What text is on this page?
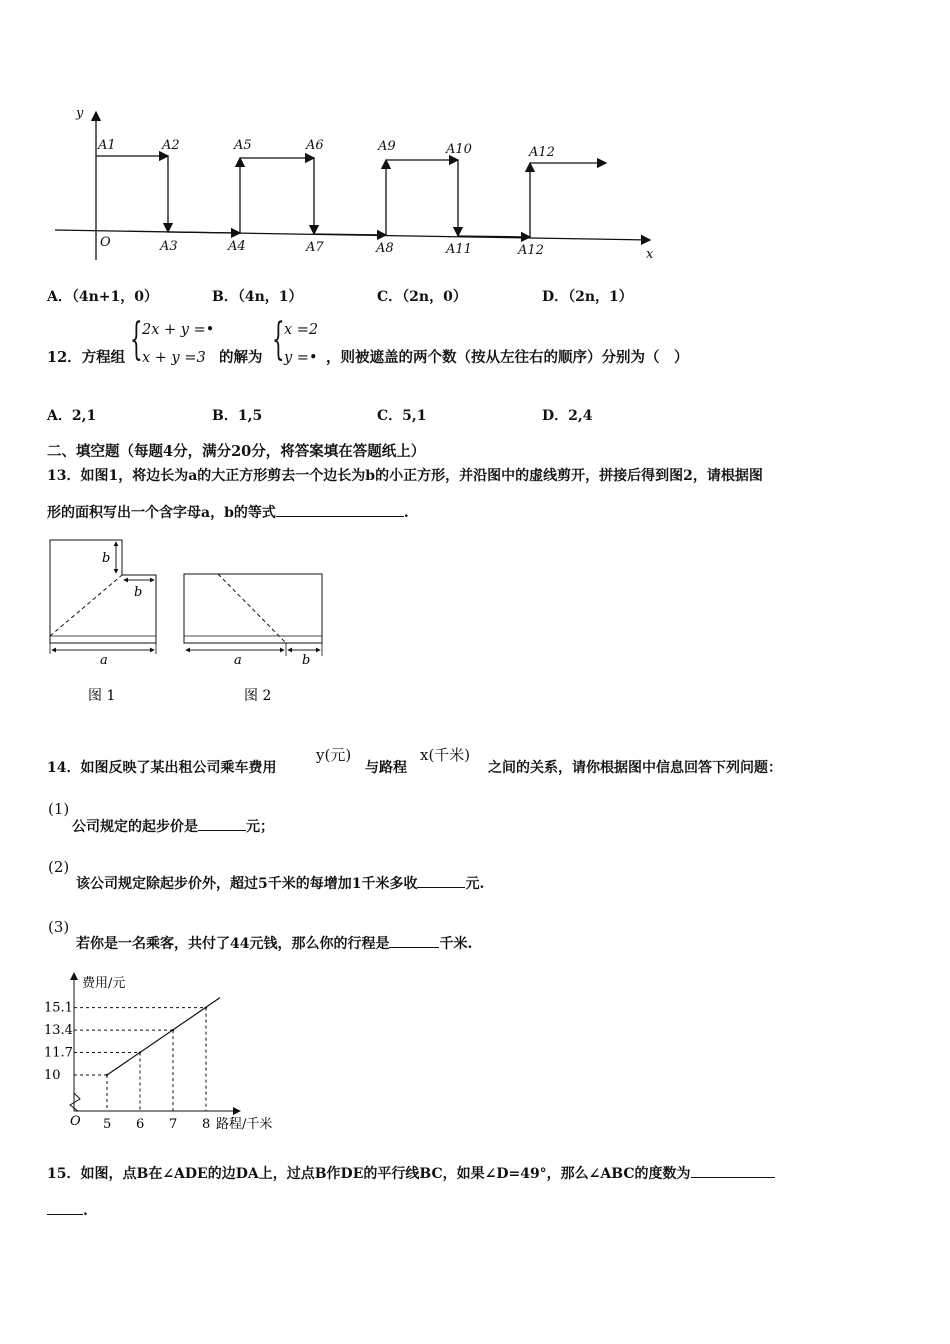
y
x
O
A1	A2	A5	A6	A9	A10	A12
A3	A4	A7	A8	A11	A12
A．（4n+1，0）	B．（4n，1）	C．（2n，0）	D．（2n，1）
12．方程组 { 2x + y =•
x + y =3 的解为 { x =2
y =• ，则被遮盖的两个数（按从左往右的顺序）分别为（　）
A．2,1	B．1,5	C．5,1	D．2,4
二、填空题（每题4分，满分20分，将答案填在答题纸上）
13．如图1，将边长为a的大正方形剪去一个边长为b的小正方形，并沿图中的虚线剪开，拼接后得到图2，请根据图
形的面积写出一个含字母a，b的等式	.
b
b
a
图 1
a	b
图 2
14．如图反映了某出租公司乘车费用
y(元)
与路程
x(千米)
之间的关系，请你根据图中信息回答下列问题：
(1)
公司规定的起步价是	元；
(2)
该公司规定除起步价外，超过5千米的每增加1千米多收	元.
(3)
若你是一名乘客，共付了44元钱，那么你的行程是	千米.
费用/元
路程/千米
O
10
5
11.7
6
13.4
7
15.1
8
15．如图，点B在∠ADE的边DA上，过点B作DE的平行线BC，如果∠D=49°，那么∠ABC的度数为
.
